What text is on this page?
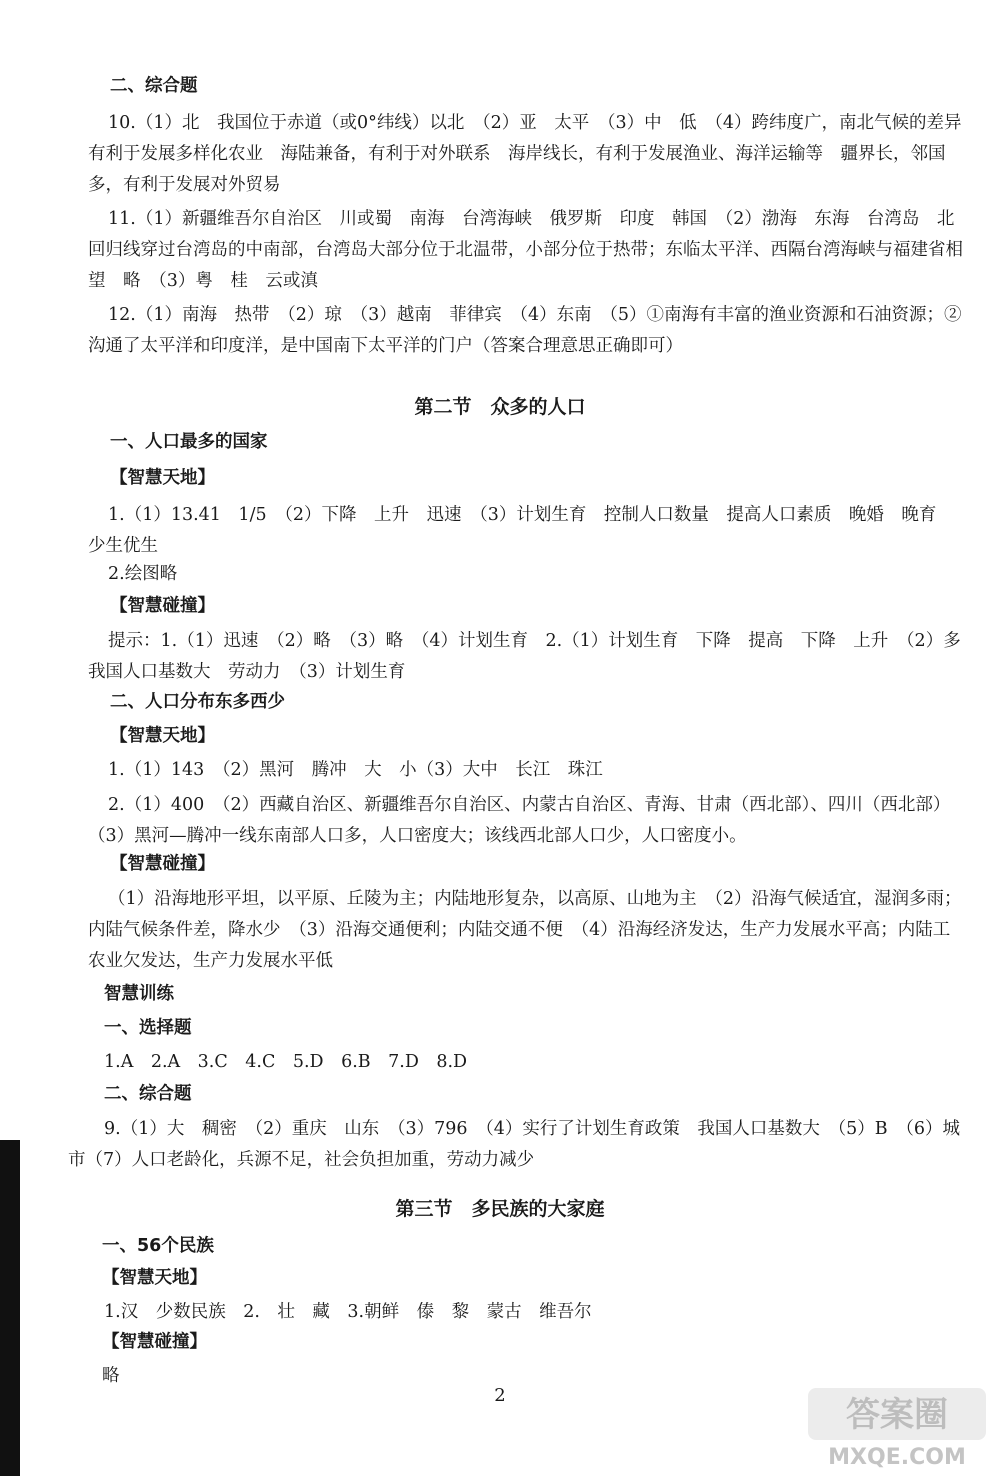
二、综合题
10.（1）北　我国位于赤道（或0°纬线）以北　（2）亚　太平　（3）中　低　（4）跨纬度广，南北气候的差异有利于发展多样化农业　海陆兼备，有利于对外联系　海岸线长，有利于发展渔业、海洋运输等　疆界长，邻国多，有利于发展对外贸易
11.（1）新疆维吾尔自治区　川或蜀　南海　台湾海峡　俄罗斯　印度　韩国　（2）渤海　东海　台湾岛　北回归线穿过台湾岛的中南部，台湾岛大部分位于北温带，小部分位于热带；东临太平洋、西隔台湾海峡与福建省相望　略　（3）粤　桂　云或滇
12.（1）南海　热带　（2）琼　（3）越南　菲律宾　（4）东南　（5）①南海有丰富的渔业资源和石油资源；②沟通了太平洋和印度洋，是中国南下太平洋的门户（答案合理意思正确即可）
第二节　众多的人口
一、人口最多的国家
【智慧天地】
1.（1）13.41　1/5　（2）下降　上升　迅速　（3）计划生育　控制人口数量　提高人口素质　晚婚　晚育　少生优生
2.绘图略
【智慧碰撞】
提示：1.（1）迅速　（2）略　（3）略　（4）计划生育　2.（1）计划生育　下降　提高　下降　上升　（2）多　我国人口基数大　劳动力　（3）计划生育
二、人口分布东多西少
【智慧天地】
1.（1）143　（2）黑河　腾冲　大　小（3）大中　长江　珠江
2.（1）400　（2）西藏自治区、新疆维吾尔自治区、内蒙古自治区、青海、甘肃（西北部）、四川（西北部）　（3）黑河—腾冲一线东南部人口多，人口密度大；该线西北部人口少，人口密度小。
【智慧碰撞】
（1）沿海地形平坦，以平原、丘陵为主；内陆地形复杂，以高原、山地为主　（2）沿海气候适宜，湿润多雨；内陆气候条件差，降水少　（3）沿海交通便利；内陆交通不便　（4）沿海经济发达，生产力发展水平高；内陆工农业欠发达，生产力发展水平低
智慧训练
一、选择题
1.A　2.A　3.C　4.C　5.D　6.B　7.D　8.D
二、综合题
9.（1）大　稠密　（2）重庆　山东　（3）796　（4）实行了计划生育政策　我国人口基数大　（5）B　（6）城市（7）人口老龄化，兵源不足，社会负担加重，劳动力减少
第三节　多民族的大家庭
一、56个民族
【智慧天地】
1.汉　少数民族　2.　壮　藏　3.朝鲜　傣　黎　蒙古　维吾尔
【智慧碰撞】
略
2	答案圈
MXQE.COM
